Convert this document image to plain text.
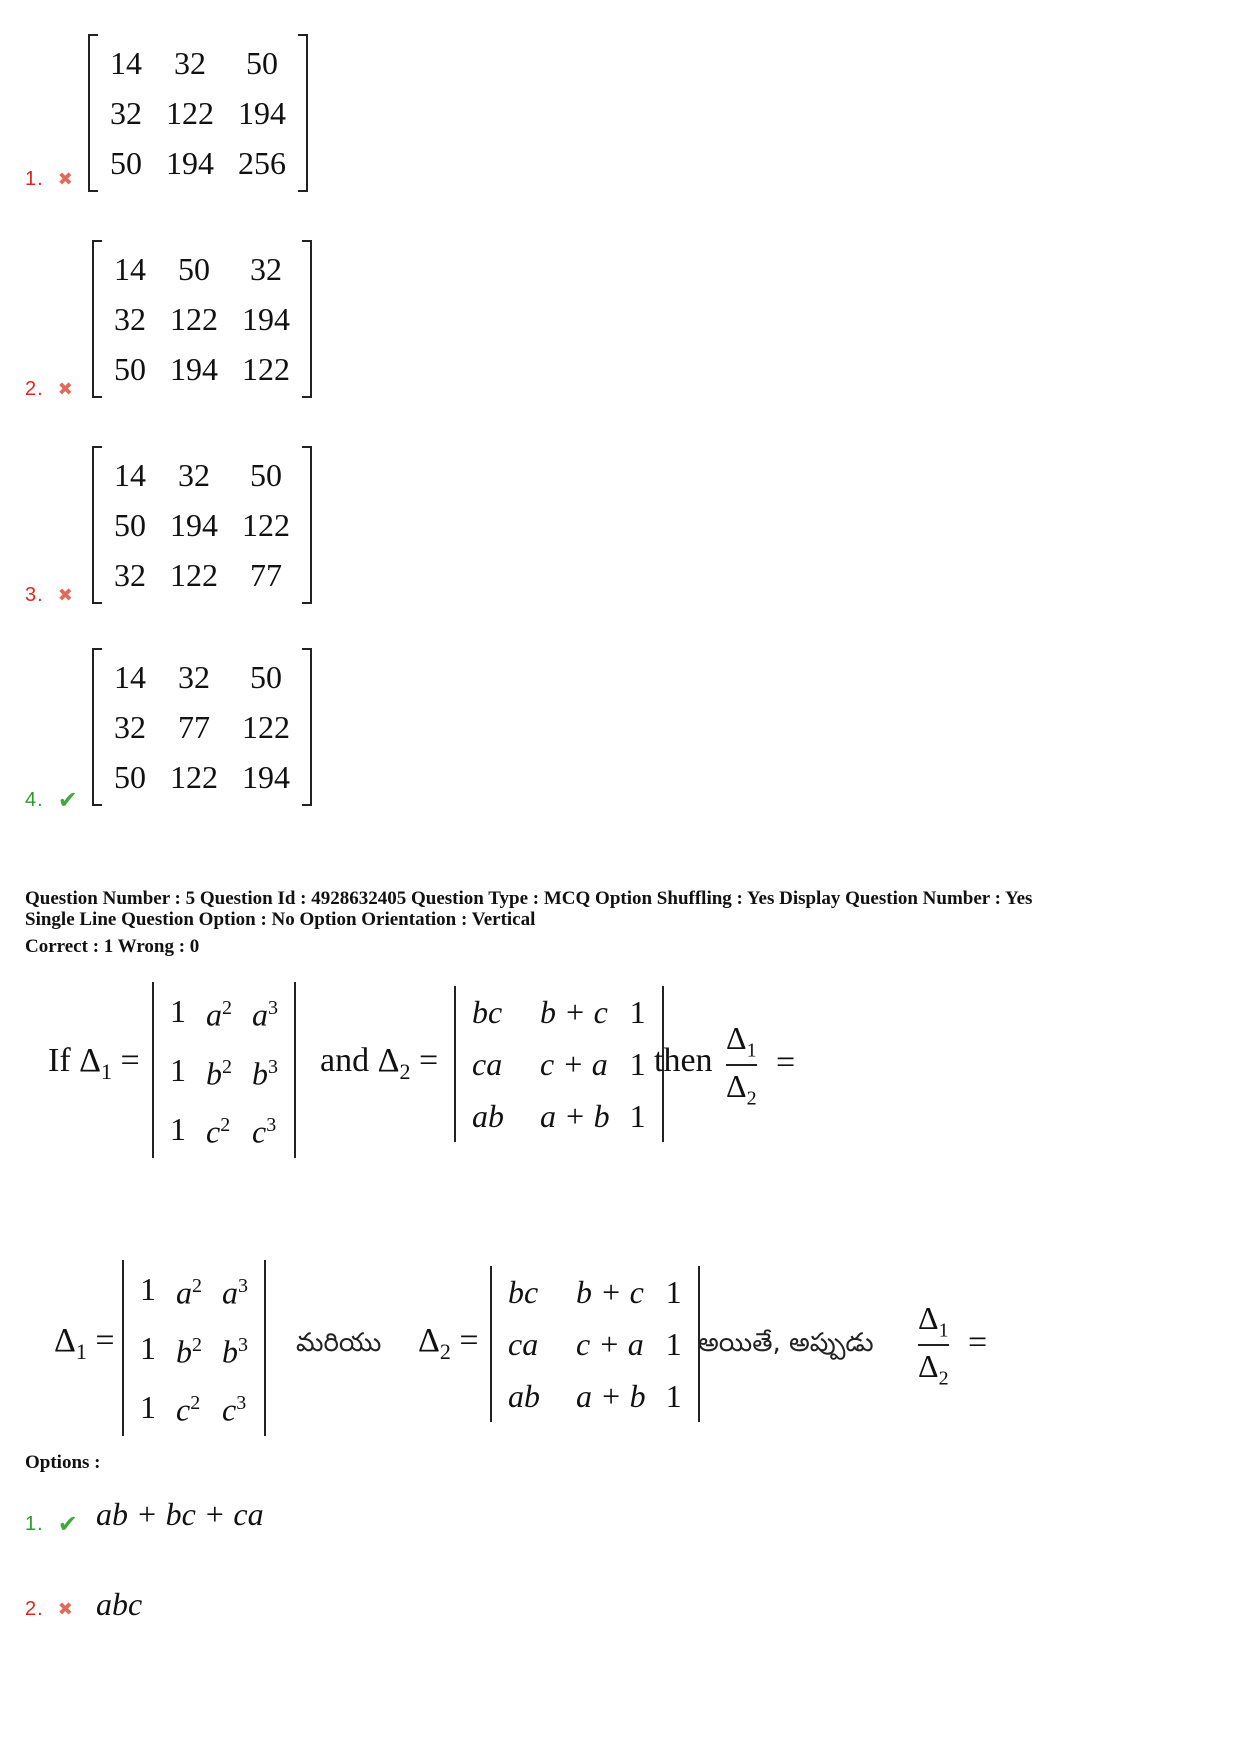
1. ✖
14	32	50
32	122	194
50	194	256
2. ✖
14	50	32
32	122	194
50	194	122
3. ✖
14	32	50
50	194	122
32	122	77
4. ✔
14	32	50
32	77	122
50	122	194
Question Number : 5 Question Id : 4928632405 Question Type : MCQ Option Shuffling : Yes Display Question Number : Yes
Single Line Question Option : No Option Orientation : Vertical
Correct : 1 Wrong : 0
If $\Delta_1$ =
1	$a^2$	$a^3$
1	$b^2$	$b^3$
1	$c^2$	$c^3$
and $\Delta_2$ =
bc	b + c	1
ca	c + a	1
ab	a + b	1
then
$\Delta_1$
$\Delta_2$
=
$\Delta_1$ =
1	$a^2$	$a^3$
1	$b^2$	$b^3$
1	$c^2$	$c^3$
మరియు $\Delta_2$ =
bc	b + c	1
ca	c + a	1
ab	a + b	1
అయితే, అప్పుడు
$\Delta_1$
$\Delta_2$
=
Options :
1. ✔ ab + bc + ca
2. ✖ abc
